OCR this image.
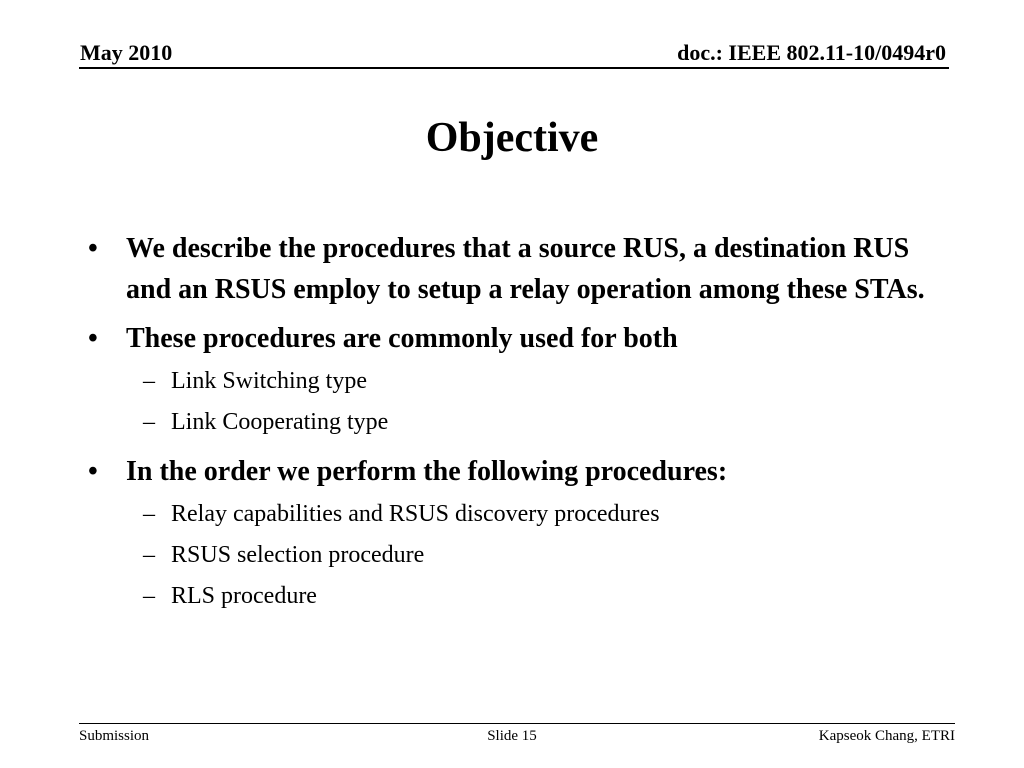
May 2010	doc.: IEEE 802.11-10/0494r0
Objective
• We describe the procedures that a source RUS, a destination RUS and an RSUS employ to setup a relay operation among these STAs.
• These procedures are commonly used for both
– Link Switching type
– Link Cooperating type
• In the order we perform the following procedures:
– Relay capabilities and RSUS discovery procedures
– RSUS selection procedure
– RLS procedure
Submission	Slide 15	Kapseok Chang, ETRI
